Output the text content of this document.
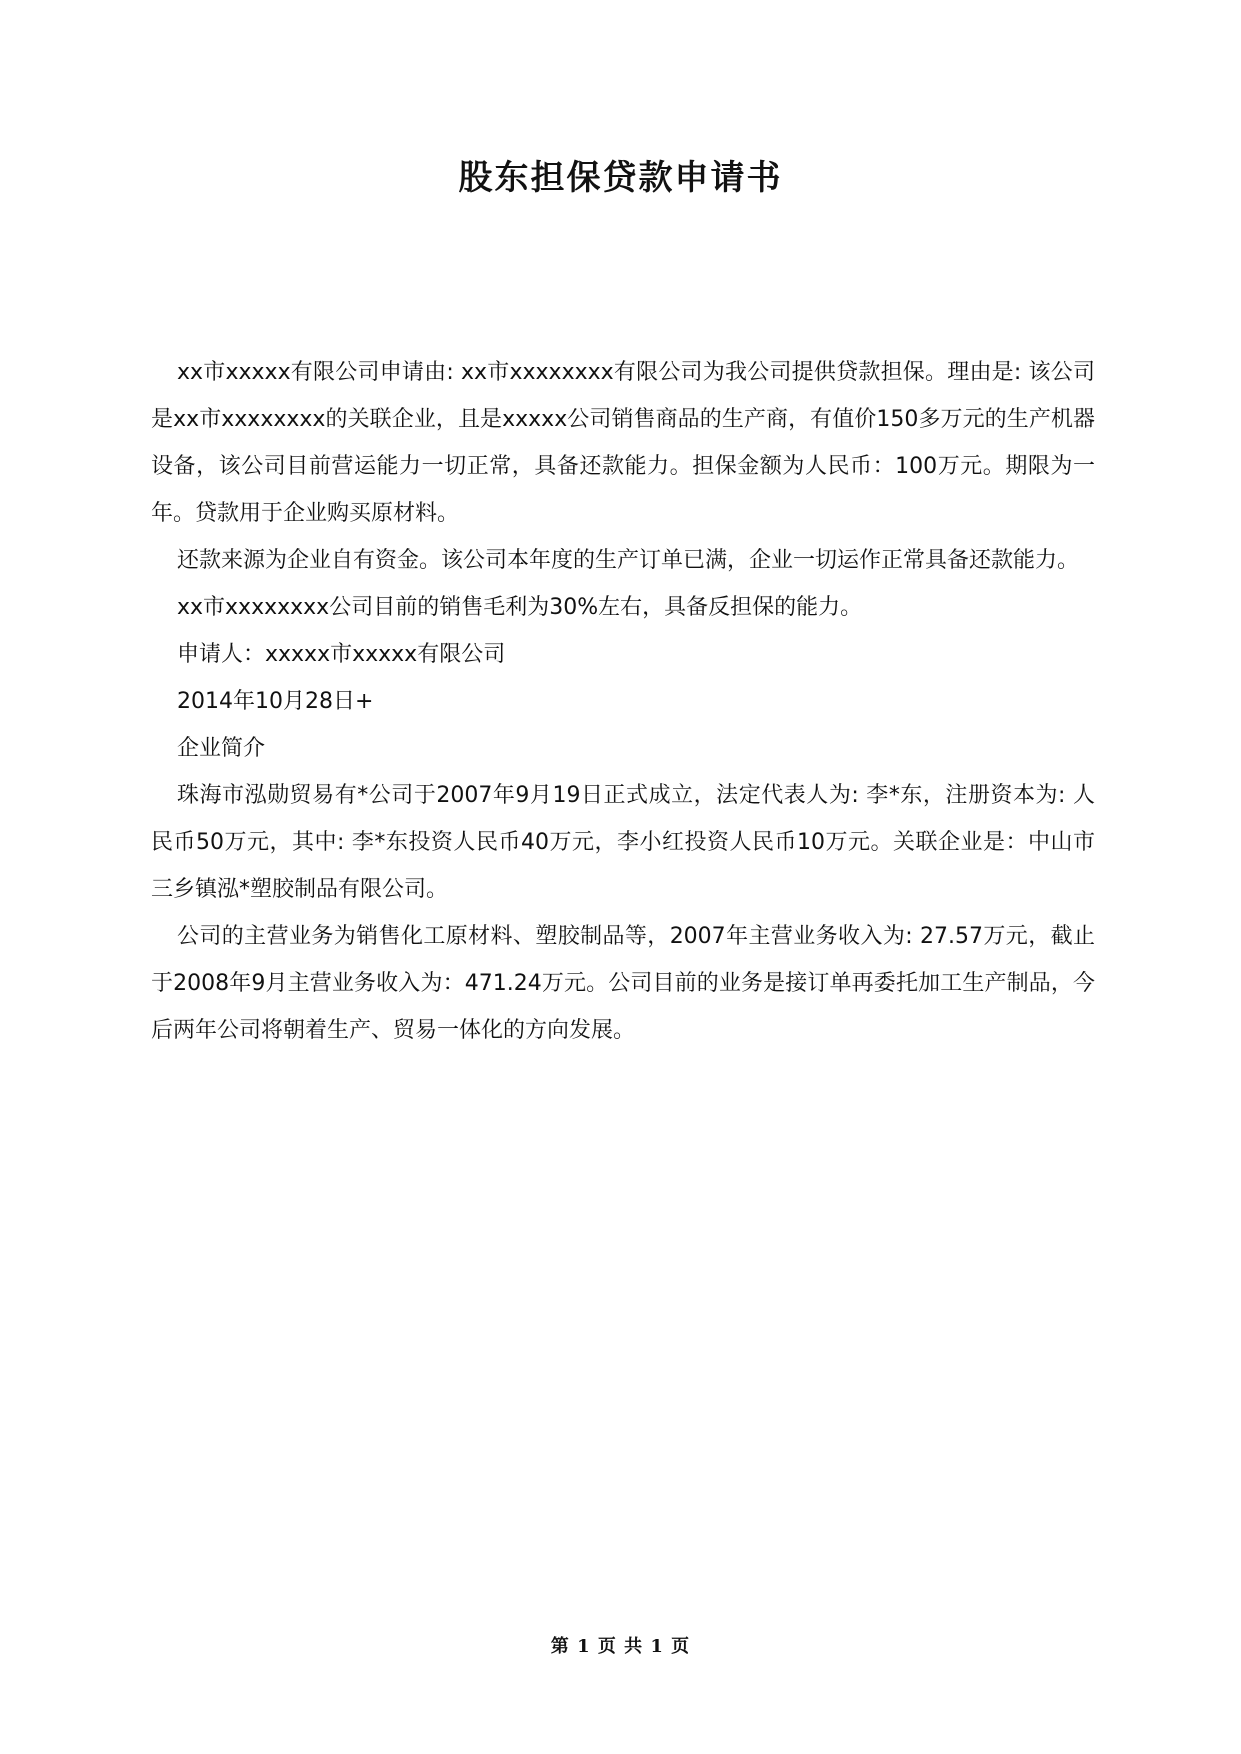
股东担保贷款申请书

xx市xxxxx有限公司申请由: xx市xxxxxxxx有限公司为我公司提供贷款担保。理由是: 该公司是xx市xxxxxxxx的关联企业，且是xxxxx公司销售商品的生产商，有值价150多万元的生产机器设备，该公司目前营运能力一切正常，具备还款能力。担保金额为人民币：100万元。期限为一年。贷款用于企业购买原材料。

还款来源为企业自有资金。该公司本年度的生产订单已满，企业一切运作正常具备还款能力。

xx市xxxxxxxx公司目前的销售毛利为30%左右，具备反担保的能力。

申请人：xxxxx市xxxxx有限公司

2014年10月28日+

企业简介

珠海市泓勋贸易有*公司于2007年9月19日正式成立，法定代表人为: 李*东，注册资本为: 人民币50万元，其中: 李*东投资人民币40万元，李小红投资人民币10万元。关联企业是：中山市三乡镇泓*塑胶制品有限公司。

公司的主营业务为销售化工原材料、塑胶制品等，2007年主营业务收入为: 27.57万元，截止于2008年9月主营业务收入为：471.24万元。公司目前的业务是接订单再委托加工生产制品，今后两年公司将朝着生产、贸易一体化的方向发展。

第 1 页 共 1 页
